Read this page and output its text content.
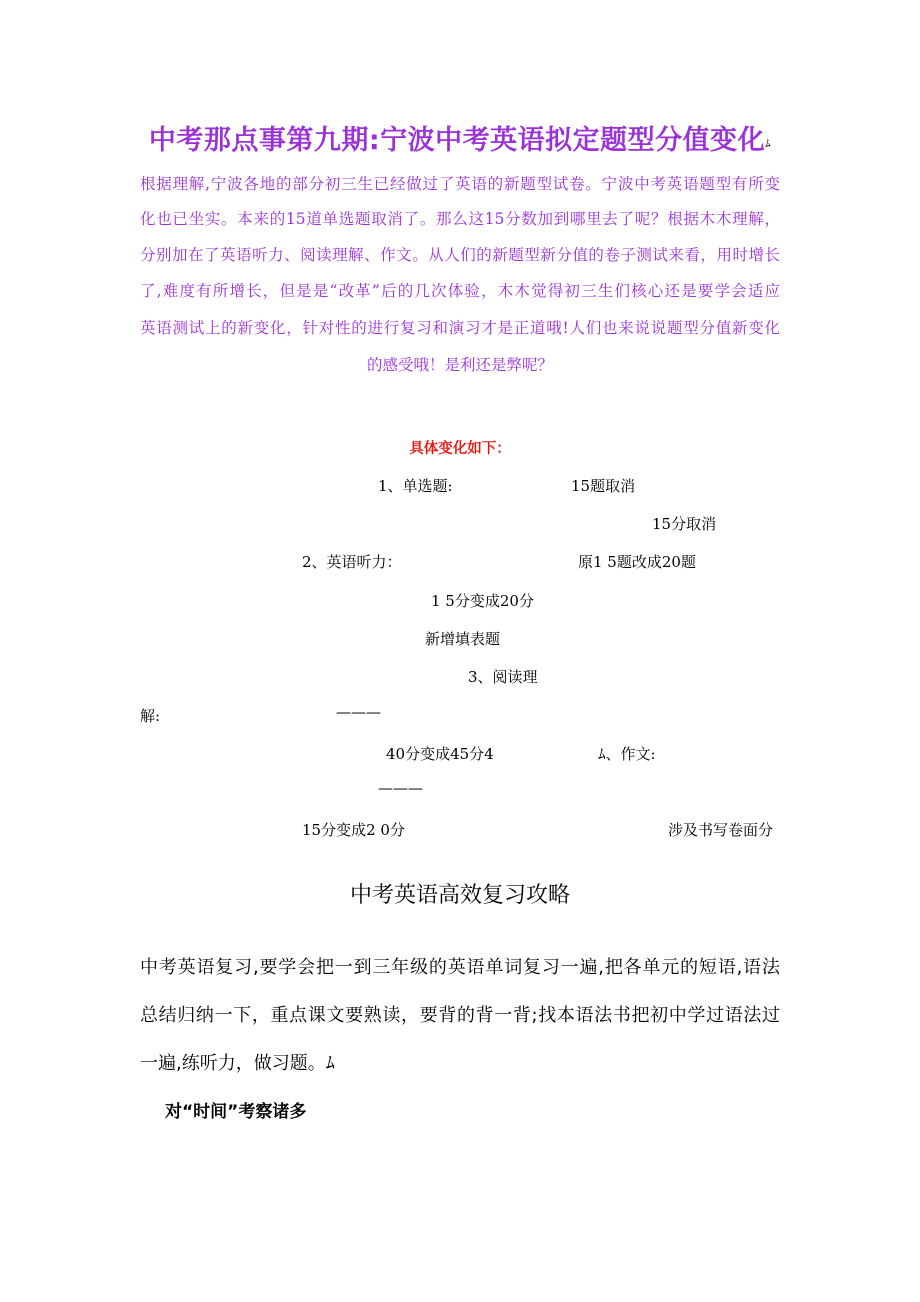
中考那点事第九期:宁波中考英语拟定题型分值变化ﾑ
根据理解,宁波各地的部分初三生已经做过了英语的新题型试卷。宁波中考英语题型有所变
化也已坐实。本来的15道单选题取消了。那么这15分数加到哪里去了呢？根据木木理解，
分别加在了英语听力、阅读理解、作文。从人们的新题型新分值的卷子测试来看，用时增长
了,难度有所增长，但是是“改革”后的几次体验，木木觉得初三生们核心还是要学会适应
英语测试上的新变化，针对性的进行复习和演习才是正道哦!人们也来说说题型分值新变化
的感受哦！是利还是弊呢？
具体变化如下：
1、单选题:	15题取消
15分取消
2、英语听力：	原1 5题改成20题
1 5分变成20分
新增填表题
3、阅读理
解:	———
40分变成45分4	ﾑ、作文:
———
15分变成2 0分	涉及书写卷面分
中考英语高效复习攻略
中考英语复习,要学会把一到三年级的英语单词复习一遍,把各单元的短语,语法
总结归纳一下，重点课文要熟读，要背的背一背;找本语法书把初中学过语法过
一遍,练听力，做习题。ﾑ
对“时间”考察诸多
